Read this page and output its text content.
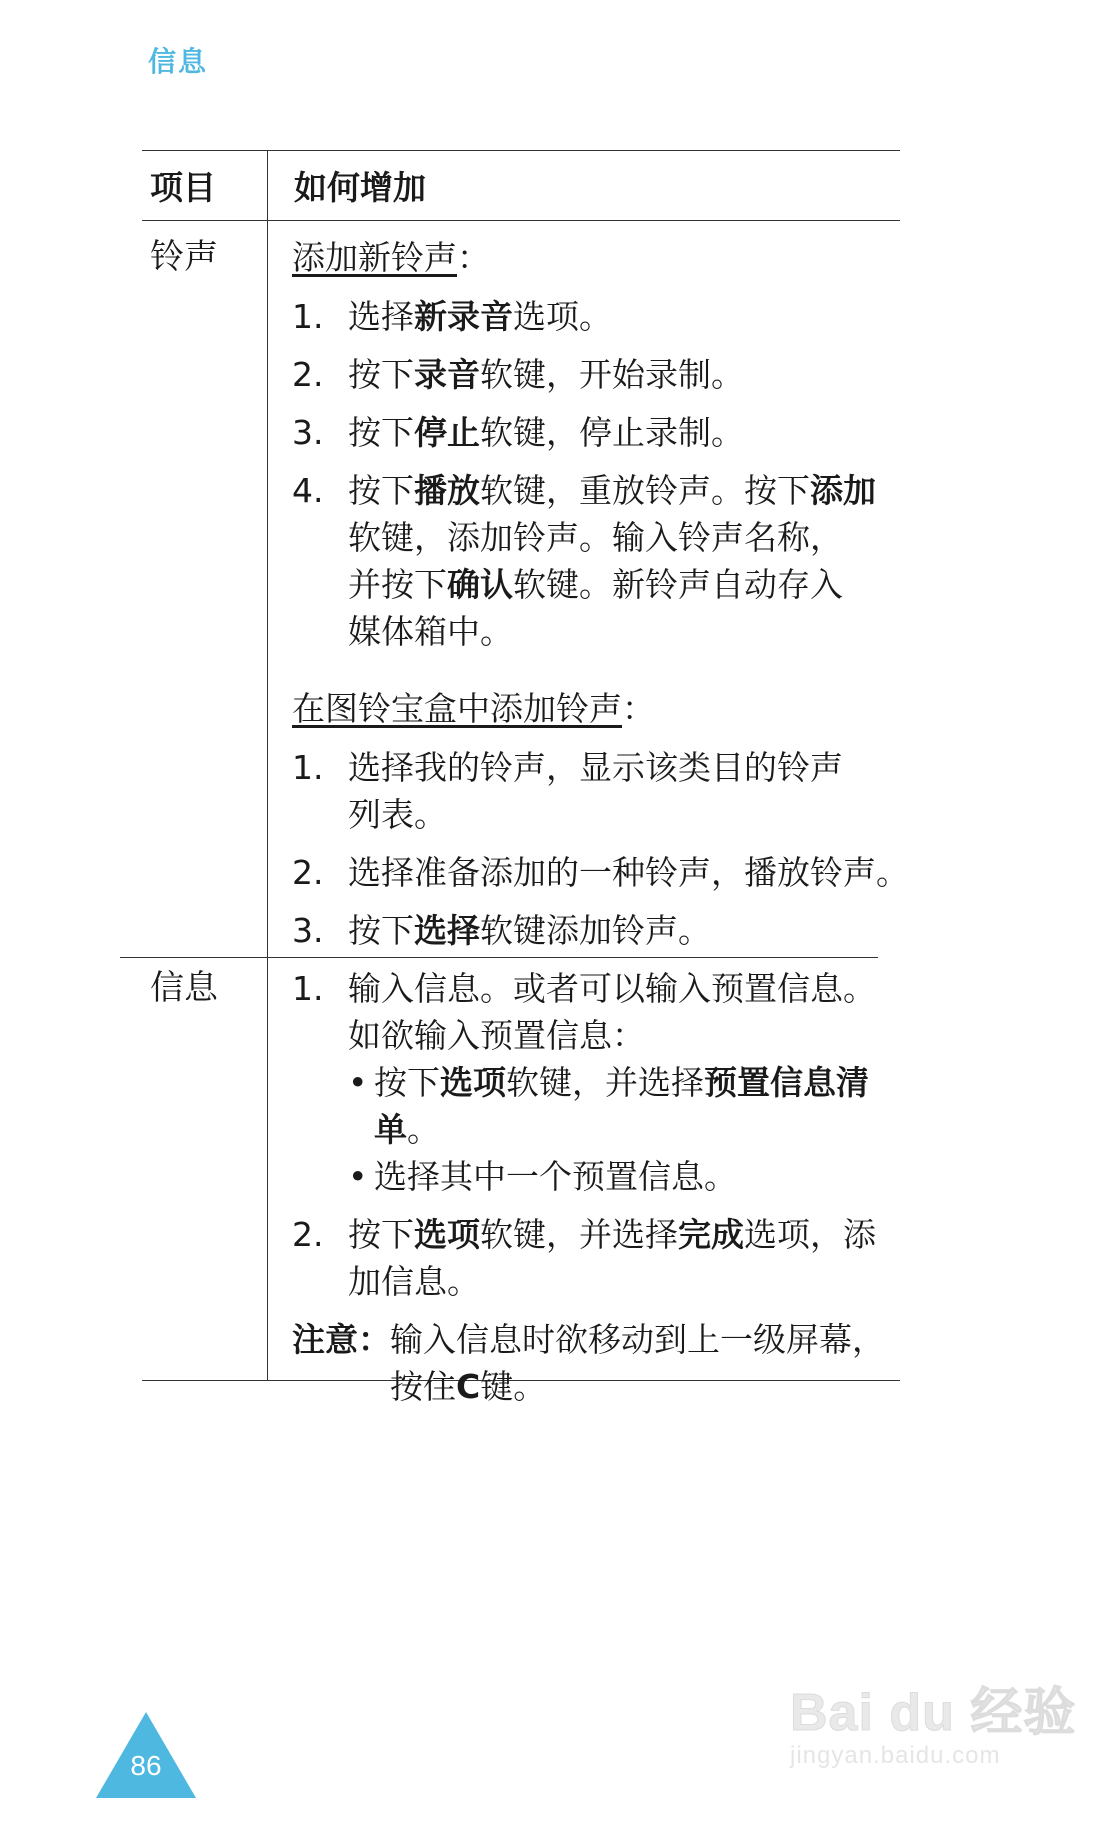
信息
项目 如何增加
铃声
信息
添加新铃声：
1. 选择新录音选项。
2. 按下录音软键，开始录制。
3. 按下停止软键，停止录制。
4. 按下播放软键，重放铃声。按下添加
软键，添加铃声。输入铃声名称，
并按下确认软键。新铃声自动存入
媒体箱中。
在图铃宝盒中添加铃声：
1. 选择我的铃声，显示该类目的铃声
列表。
2. 选择准备添加的一种铃声，播放铃声。
3. 按下选择软键添加铃声。
1. 输入信息。或者可以输入预置信息。
如欲输入预置信息：
• 按下选项软键，并选择预置信息清单。
• 选择其中一个预置信息。
2. 按下选项软键，并选择完成选项，添
加信息。
注意： 输入信息时欲移动到上一级屏幕，
按住C键。
86
Bai du 经验
jingyan.baidu.com
